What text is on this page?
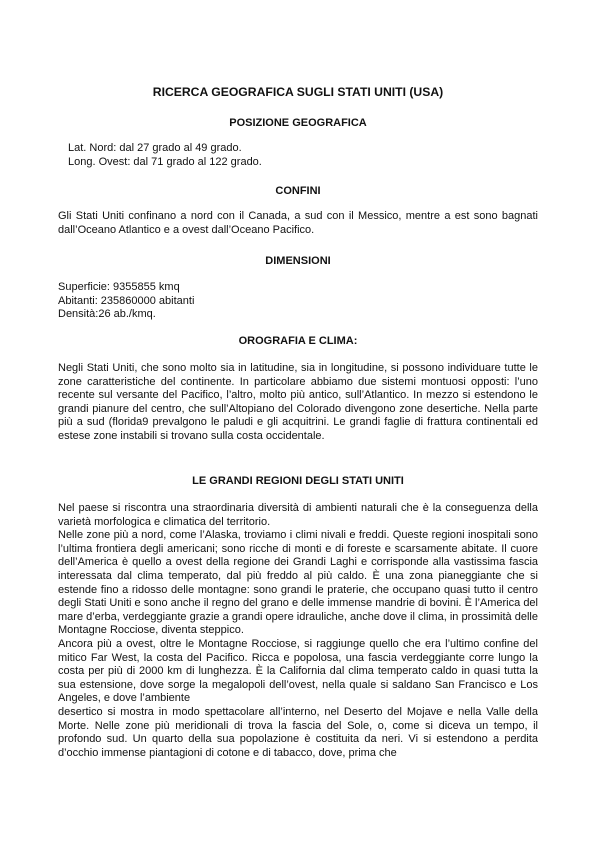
RICERCA GEOGRAFICA SUGLI STATI UNITI (USA)
POSIZIONE GEOGRAFICA

Lat. Nord: dal 27 grado al 49 grado.

Long. Ovest: dal 71 grado al 122 grado.

CONFINI

Gli Stati Uniti confinano a nord con il Canada, a sud con il Messico, mentre a est sono bagnati dall’Oceano Atlantico e a ovest dall’Oceano Pacifico.

DIMENSIONI

Superficie: 9355855 kmq

Abitanti: 235860000 abitanti

Densità:26 ab./kmq.

OROGRAFIA E CLIMA:

Negli Stati Uniti, che sono molto sia in latitudine, sia in longitudine, si possono individuare tutte le zone caratteristiche del continente. In particolare abbiamo due sistemi montuosi opposti: l’uno recente sul versante del Pacifico, l’altro, molto più antico, sull’Atlantico. In mezzo si estendono le grandi pianure del centro, che sull’Altopiano del Colorado divengono zone desertiche. Nella parte più a sud (florida9 prevalgono le paludi e gli acquitrini. Le grandi faglie di frattura continentali ed estese zone instabili si trovano sulla costa occidentale.

LE GRANDI REGIONI DEGLI STATI UNITI

Nel paese si riscontra una straordinaria diversità di ambienti naturali che è la conseguenza della varietà morfologica e climatica del territorio.

Nelle zone più a nord, come l’Alaska, troviamo i climi nivali e freddi. Queste regioni inospitali sono l’ultima frontiera degli americani; sono ricche di monti e di foreste e scarsamente abitate. Il cuore dell’America è quello a ovest della regione dei Grandi Laghi e corrisponde alla vastissima fascia interessata dal clima temperato, dal più freddo al più caldo. È una zona pianeggiante che si estende fino a ridosso delle montagne: sono grandi le praterie, che occupano quasi tutto il centro degli Stati Uniti e sono anche il regno del grano e delle immense mandrie di bovini. È l’America del mare d’erba, verdeggiante grazie a grandi opere idrauliche, anche dove il clima, in prossimità delle Montagne Rocciose, diventa steppico.

Ancora più a ovest, oltre le Montagne Rocciose, si raggiunge quello che era l’ultimo confine del mitico Far West, la costa del Pacifico. Ricca e popolosa, una fascia verdeggiante corre lungo la costa per più di 2000 km di lunghezza. È la California dal clima temperato caldo in quasi tutta la sua estensione, dove sorge la megalopoli dell’ovest, nella quale si saldano San Francisco e Los Angeles, e dove l’ambiente

desertico si mostra in modo spettacolare all’interno, nel Deserto del Mojave e nella Valle della Morte. Nelle zone più meridionali di trova la fascia del Sole, o, come si diceva un tempo, il profondo sud. Un quarto della sua popolazione è costituita da neri. Vi si estendono a perdita d’occhio immense piantagioni di cotone e di tabacco, dove, prima che
